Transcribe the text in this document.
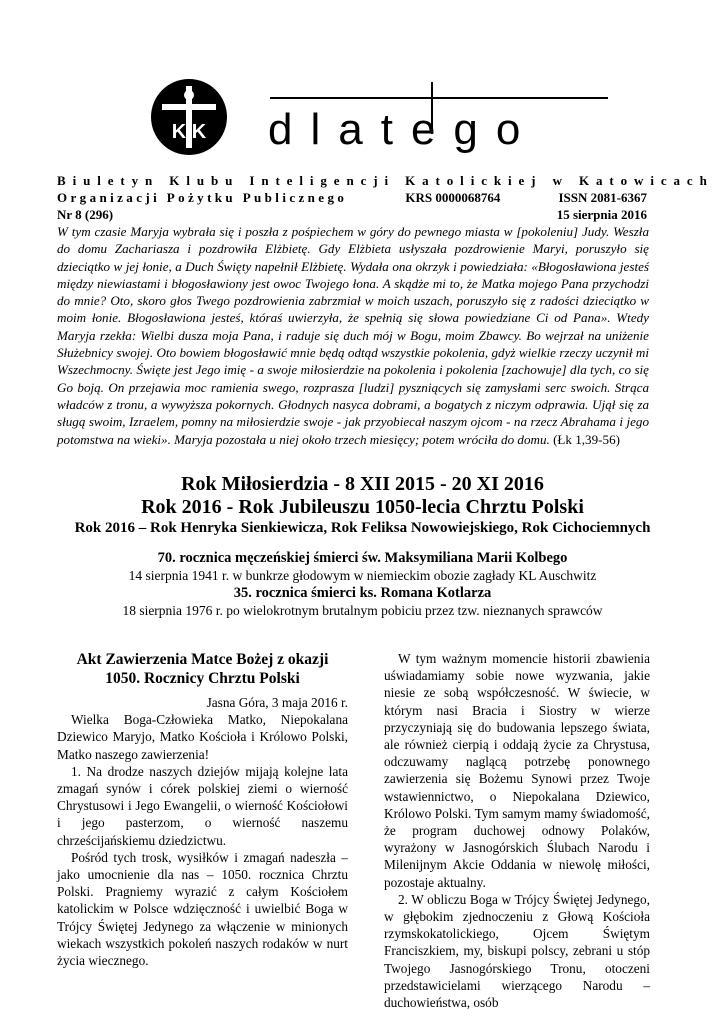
KIK dlatego
Biuletyn Klubu Inteligencji Katolickiej w Katowicach
Organizacji Pożytku Publicznego	KRS 0000068764	ISSN 2081-6367
Nr 8 (296)	15 sierpnia 2016
W tym czasie Maryja wybrała się i poszła z pośpiechem w góry do pewnego miasta w [pokoleniu] Judy. Weszła do domu Zachariasza i pozdrowiła Elżbietę. Gdy Elżbieta usłyszała pozdrowienie Maryi, poruszyło się dzieciątko w jej łonie, a Duch Święty napełnił Elżbietę. Wydała ona okrzyk i powiedziała: «Błogosławiona jesteś między niewiastami i błogosławiony jest owoc Twojego łona. A skądże mi to, że Matka mojego Pana przychodzi do mnie? Oto, skoro głos Twego pozdrowienia zabrzmiał w moich uszach, poruszyło się z radości dzieciątko w moim łonie. Błogosławiona jesteś, któraś uwierzyła, że spełnią się słowa powiedziane Ci od Pana». Wtedy Maryja rzekła: Wielbi dusza moja Pana, i raduje się duch mój w Bogu, moim Zbawcy. Bo wejrzał na uniżenie Służebnicy swojej. Oto bowiem błogosławić mnie będą odtąd wszystkie pokolenia, gdyż wielkie rzeczy uczynił mi Wszechmocny. Święte jest Jego imię - a swoje miłosierdzie na pokolenia i pokolenia [zachowuje] dla tych, co się Go boją. On przejawia moc ramienia swego, rozprasza [ludzi] pyszniących się zamysłami serc swoich. Strąca władców z tronu, a wywyższa pokornych. Głodnych nasyca dobrami, a bogatych z niczym odprawia. Ujął się za sługą swoim, Izraelem, pomny na miłosierdzie swoje - jak przyobiecał naszym ojcom - na rzecz Abrahama i jego potomstwa na wieki». Maryja pozostała u niej około trzech miesięcy; potem wróciła do domu. (Łk 1,39-56)
Rok Miłosierdzia - 8 XII 2015 - 20 XI 2016
Rok 2016 - Rok Jubileuszu 1050-lecia Chrztu Polski
Rok 2016 – Rok Henryka Sienkiewicza, Rok Feliksa Nowowiejskiego, Rok Cichociemnych
70. rocznica męczeńskiej śmierci św. Maksymiliana Marii Kolbego
14 sierpnia 1941 r. w bunkrze głodowym w niemieckim obozie zagłady KL Auschwitz
35. rocznica śmierci ks. Romana Kotlarza
18 sierpnia 1976 r. po wielokrotnym brutalnym pobiciu przez tzw. nieznanych sprawców
Akt Zawierzenia Matce Bożej z okazji
1050. Rocznicy Chrztu Polski
Jasna Góra, 3 maja 2016 r.

Wielka Boga-Człowieka Matko, Niepokalana Dziewico Maryjo, Matko Kościoła i Królowo Polski, Matko naszego zawierzenia!

1. Na drodze naszych dziejów mijają kolejne lata zmagań synów i córek polskiej ziemi o wierność Chrystusowi i Jego Ewangelii, o wierność Kościołowi i jego pasterzom, o wierność naszemu chrześcijańskiemu dziedzictwu.

Pośród tych trosk, wysiłków i zmagań nadeszła – jako umocnienie dla nas – 1050. rocznica Chrztu Polski. Pragniemy wyrazić z całym Kościołem katolickim w Polsce wdzięczność i uwielbić Boga w Trójcy Świętej Jedynego za włączenie w minionych wiekach wszystkich pokoleń naszych rodaków w nurt życia wiecznego.

W tym ważnym momencie historii zbawienia uświadamiamy sobie nowe wyzwania, jakie niesie ze sobą współczesność. W świecie, w którym nasi Bracia i Siostry w wierze przyczyniają się do budowania lepszego świata, ale również cierpią i oddają życie za Chrystusa, odczuwamy naglącą potrzebę ponownego zawierzenia się Bożemu Synowi przez Twoje wstawiennictwo, o Niepokalana Dziewico, Królowo Polski. Tym samym mamy świadomość, że program duchowej odnowy Polaków, wyrażony w Jasnogórskich Ślubach Narodu i Milenijnym Akcie Oddania w niewolę miłości, pozostaje aktualny.

2. W obliczu Boga w Trójcy Świętej Jedynego, w głębokim zjednoczeniu z Głową Kościoła rzymskokatolickiego, Ojcem Świętym Franciszkiem, my, biskupi polscy, zebrani u stóp Twojego Jasnogórskiego Tronu, otoczeni przedstawicielami wierzącego Narodu – duchowieństwa, osób
